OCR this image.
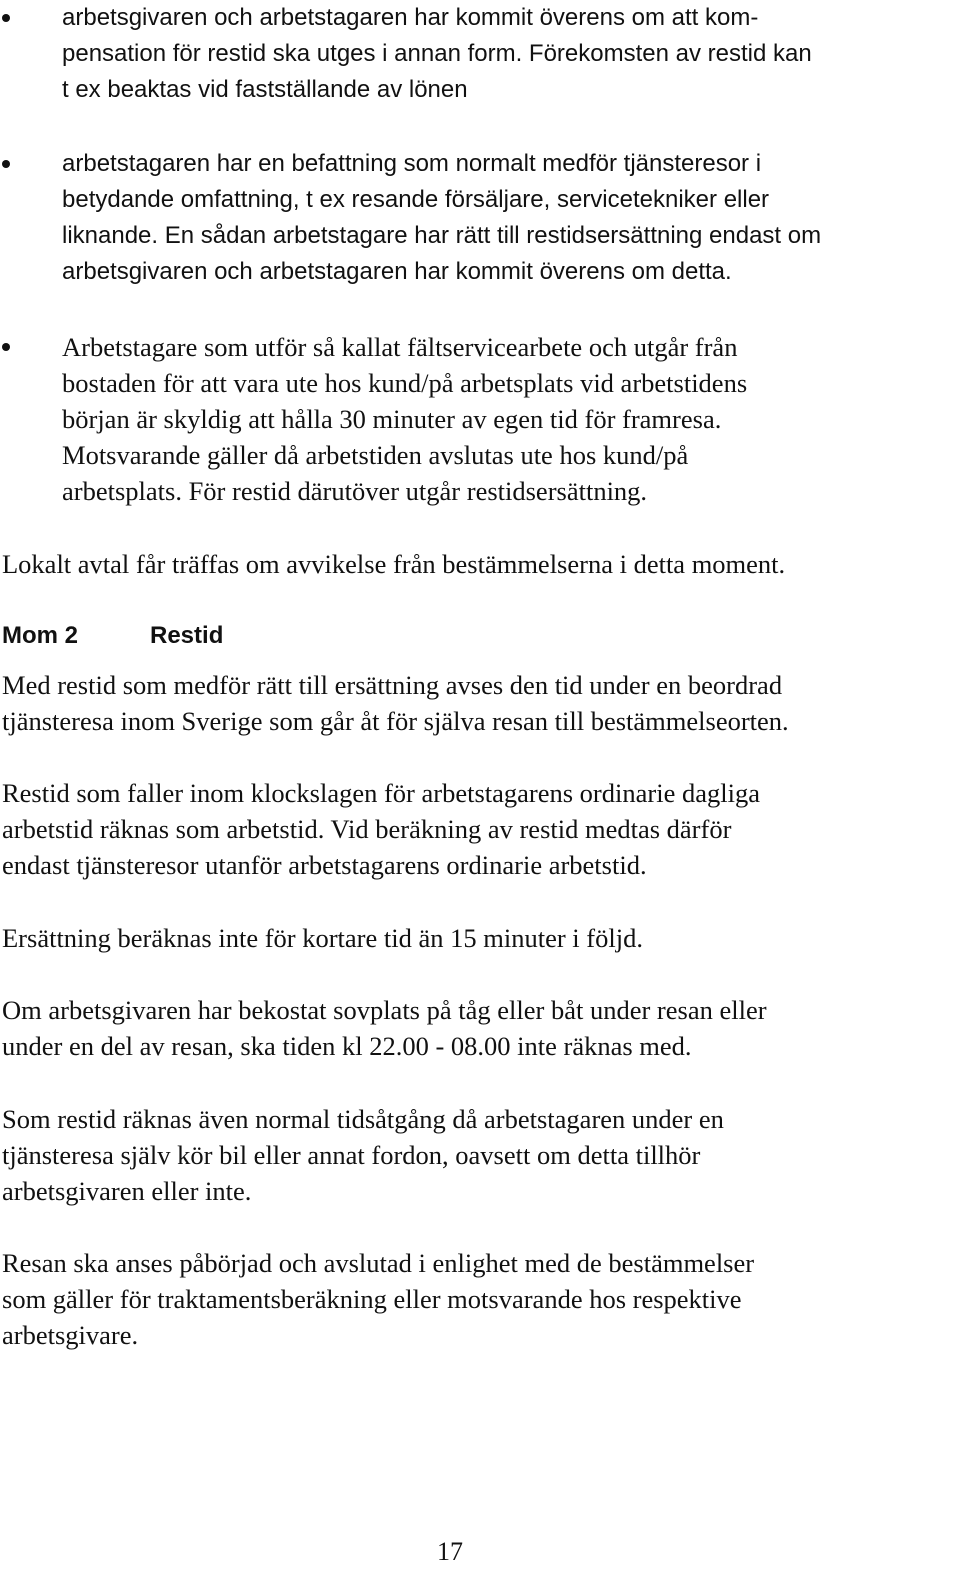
arbetsgivaren och arbetstagaren har kommit överens om att kom-
pensation för restid ska utges i annan form. Förekomsten av restid kan
t ex beaktas vid fastställande av lönen

arbetstagaren har en befattning som normalt medför tjänsteresor i
betydande omfattning, t ex resande försäljare, servicetekniker eller
liknande. En sådan arbetstagare har rätt till restidsersättning endast om
arbetsgivaren och arbetstagaren har kommit överens om detta.

Arbetstagare som utför så kallat fältservicearbete och utgår från
bostaden för att vara ute hos kund/på arbetsplats vid arbetstidens
början är skyldig att hålla 30 minuter av egen tid för framresa.
Motsvarande gäller då arbetstiden avslutas ute hos kund/på
arbetsplats. För restid därutöver utgår restidsersättning.

Lokalt avtal får träffas om avvikelse från bestämmelserna i detta moment.

Mom 2	Restid

Med restid som medför rätt till ersättning avses den tid under en beordrad
tjänsteresa inom Sverige som går åt för själva resan till bestämmelseorten.

Restid som faller inom klockslagen för arbetstagarens ordinarie dagliga
arbetstid räknas som arbetstid. Vid beräkning av restid medtas därför
endast tjänsteresor utanför arbetstagarens ordinarie arbetstid.

Ersättning beräknas inte för kortare tid än 15 minuter i följd.

Om arbetsgivaren har bekostat sovplats på tåg eller båt under resan eller
under en del av resan, ska tiden kl 22.00 - 08.00 inte räknas med.

Som restid räknas även normal tidsåtgång då arbetstagaren under en
tjänsteresa själv kör bil eller annat fordon, oavsett om detta tillhör
arbetsgivaren eller inte.

Resan ska anses påbörjad och avslutad i enlighet med de bestämmelser
som gäller för traktamentsberäkning eller motsvarande hos respektive
arbetsgivare.

17
